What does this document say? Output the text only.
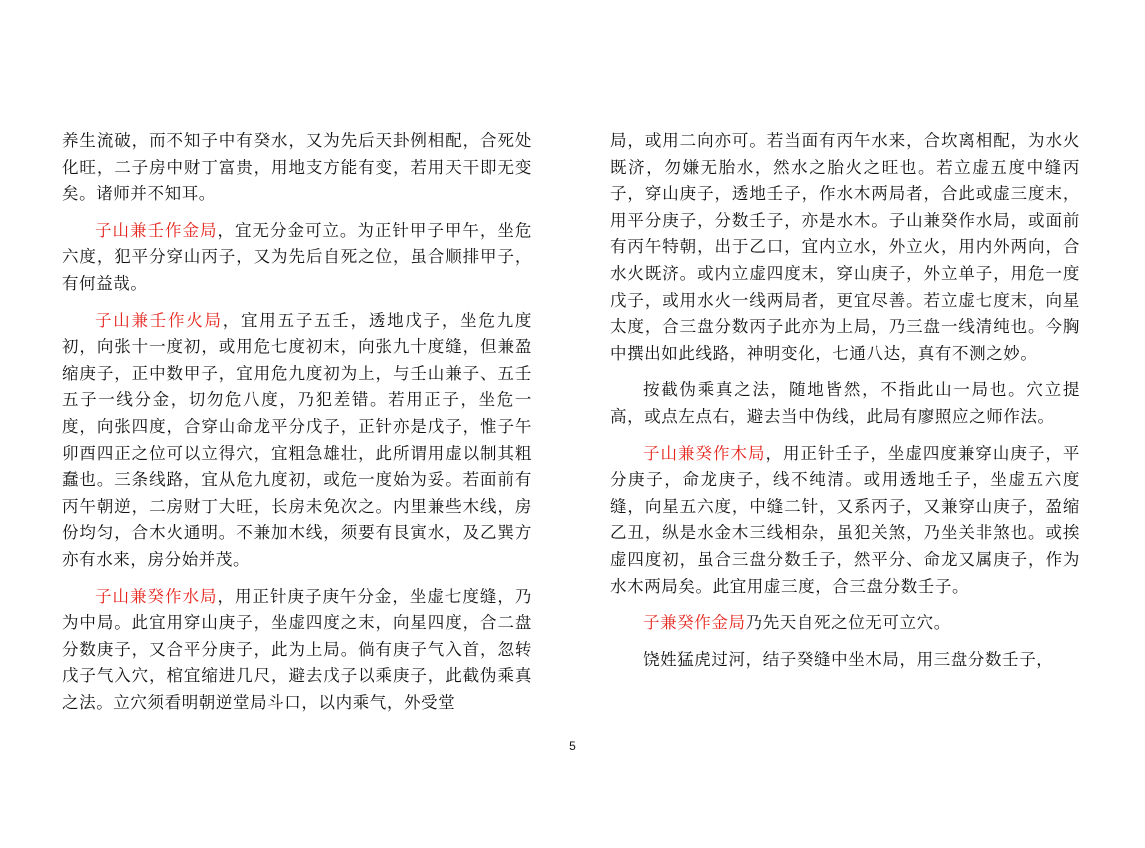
养生流破，而不知子中有癸水，又为先后天卦例相配，合死处化旺，二子房中财丁富贵，用地支方能有变，若用天干即无变矣。诸师并不知耳。

子山兼壬作金局，宜无分金可立。为正针甲子甲午，坐危六度，犯平分穿山丙子，又为先后自死之位，虽合顺排甲子，有何益哉。

子山兼壬作火局，宜用五子五壬，透地戊子，坐危九度初，向张十一度初，或用危七度初末，向张九十度缝，但兼盈缩庚子，正中数甲子，宜用危九度初为上，与壬山兼子、五壬五子一线分金，切勿危八度，乃犯差错。若用正子，坐危一度，向张四度，合穿山命龙平分戊子，正针亦是戊子，惟子午卯酉四正之位可以立得穴，宜粗急雄壮，此所谓用虚以制其粗蠢也。三条线路，宜从危九度初，或危一度始为妥。若面前有丙午朝逆，二房财丁大旺，长房未免次之。内里兼些木线，房份均匀，合木火通明。不兼加木线，须要有艮寅水，及乙巽方亦有水来，房分始并茂。

子山兼癸作水局，用正针庚子庚午分金，坐虚七度缝，乃为中局。此宜用穿山庚子，坐虚四度之末，向星四度，合二盘分数庚子，又合平分庚子，此为上局。倘有庚子气入首，忽转戊子气入穴，棺宜缩进几尺，避去戊子以乘庚子，此截伪乘真之法。立穴须看明朝逆堂局斗口，以内乘气，外受堂

局，或用二向亦可。若当面有丙午水来，合坎离相配，为水火既济，勿嫌无胎水，然水之胎火之旺也。若立虚五度中缝丙子，穿山庚子，透地壬子，作水木两局者，合此或虚三度末，用平分庚子，分数壬子，亦是水木。子山兼癸作水局，或面前有丙午特朝，出于乙口，宜内立水，外立火，用内外两向，合水火既济。或内立虚四度末，穿山庚子，外立单子，用危一度戊子，或用水火一线两局者，更宜尽善。若立虚七度末，向星太度，合三盘分数丙子此亦为上局，乃三盘一线清纯也。今胸中撰出如此线路，神明变化，七通八达，真有不测之妙。

按截伪乘真之法，随地皆然，不指此山一局也。穴立提高，或点左点右，避去当中伪线，此局有廖照应之师作法。

子山兼癸作木局，用正针壬子，坐虚四度兼穿山庚子，平分庚子，命龙庚子，线不纯清。或用透地壬子，坐虚五六度缝，向星五六度，中缝二针，又系丙子，又兼穿山庚子，盈缩乙丑，纵是水金木三线相杂，虽犯关煞，乃坐关非煞也。或挨虚四度初，虽合三盘分数壬子，然平分、命龙又属庚子，作为水木两局矣。此宜用虚三度，合三盘分数壬子。

子兼癸作金局乃先天自死之位无可立穴。

饶姓猛虎过河，结子癸缝中坐木局，用三盘分数壬子，

5
